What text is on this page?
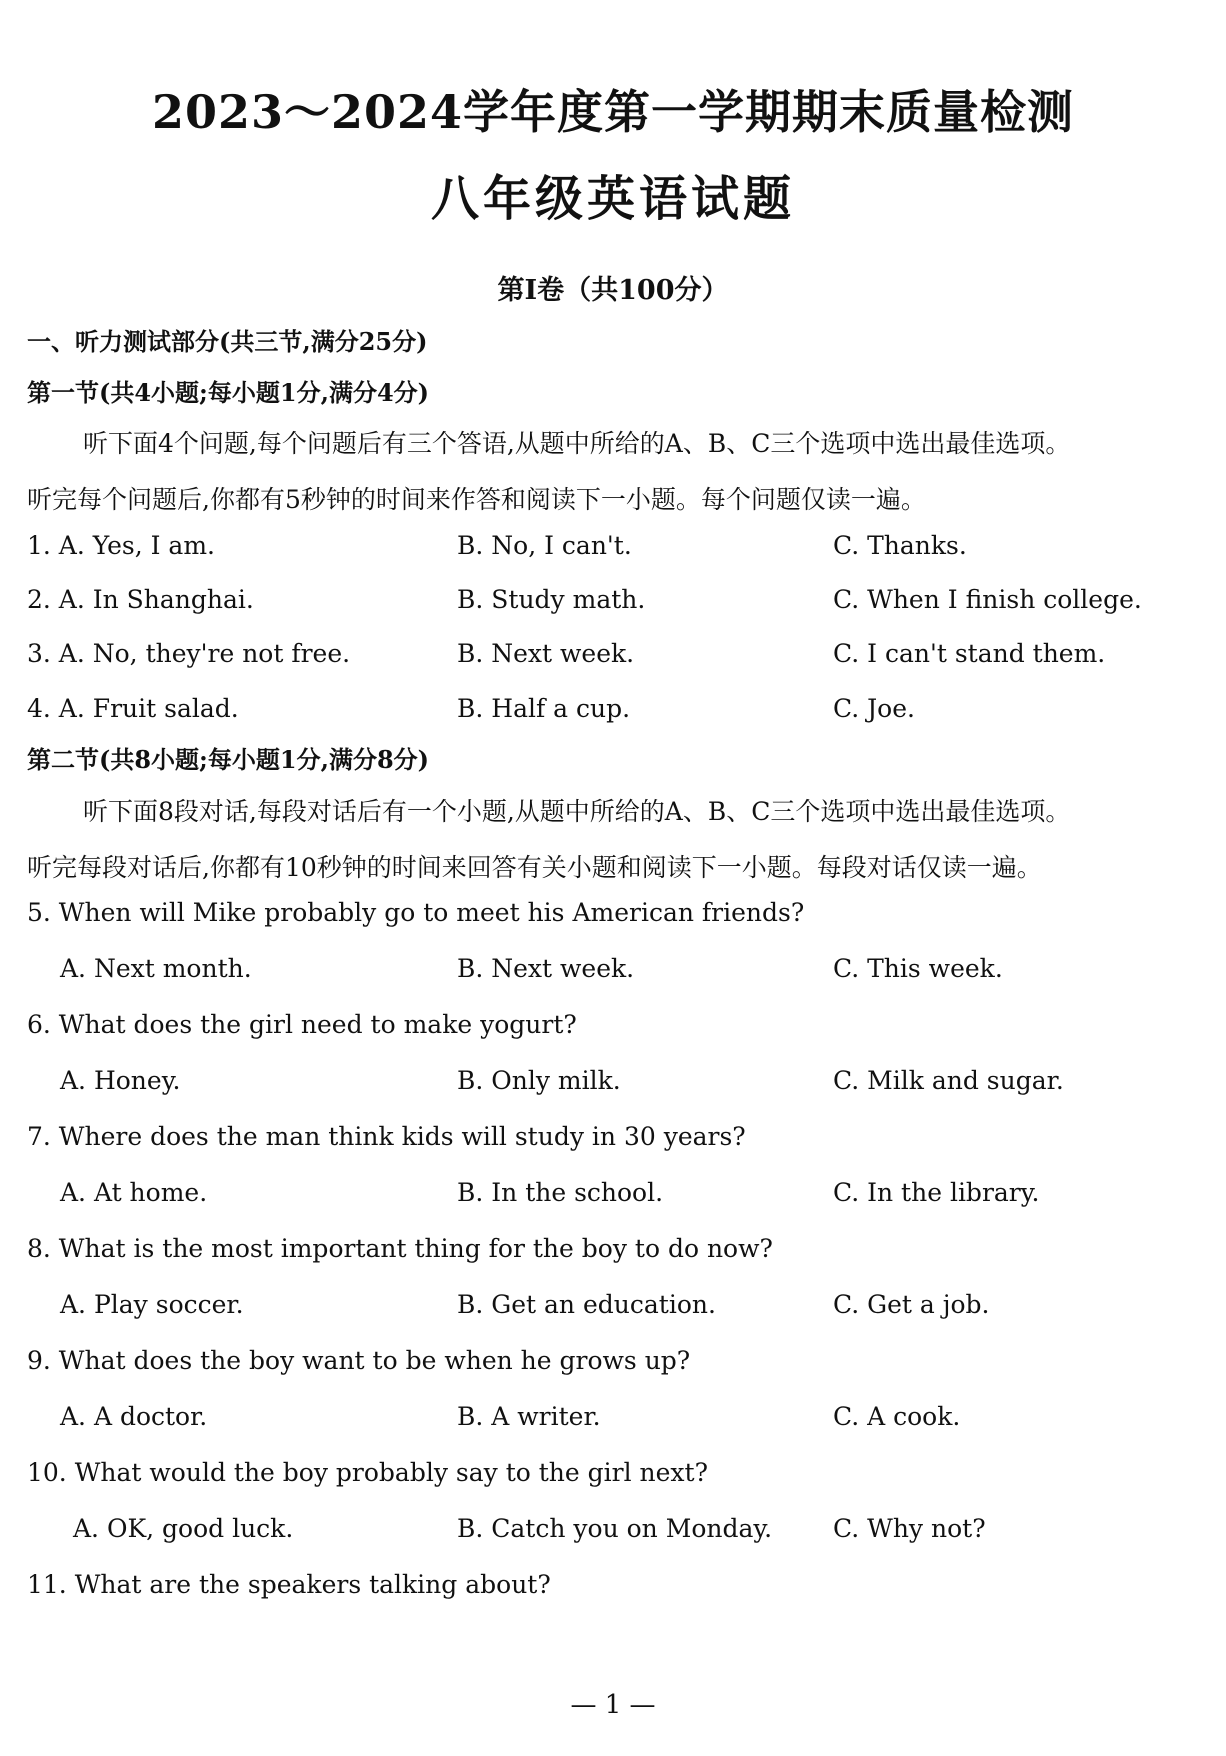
2023～2024学年度第一学期期末质量检测
八年级英语试题
第Ⅰ卷（共100分）
一、听力测试部分(共三节,满分25分)
第一节(共4小题;每小题1分,满分4分)
听下面4个问题,每个问题后有三个答语,从题中所给的A、B、C三个选项中选出最佳选项。
听完每个问题后,你都有5秒钟的时间来作答和阅读下一小题。每个问题仅读一遍。
1. A. Yes, I am.	B. No, I can't.	C. Thanks.
2. A. In Shanghai.	B. Study math.	C. When I finish college.
3. A. No, they're not free.	B. Next week.	C. I can't stand them.
4. A. Fruit salad.	B. Half a cup.	C. Joe.
第二节(共8小题;每小题1分,满分8分)
听下面8段对话,每段对话后有一个小题,从题中所给的A、B、C三个选项中选出最佳选项。
听完每段对话后,你都有10秒钟的时间来回答有关小题和阅读下一小题。每段对话仅读一遍。
5. When will Mike probably go to meet his American friends?
A. Next month.	B. Next week.	C. This week.
6. What does the girl need to make yogurt?
A. Honey.	B. Only milk.	C. Milk and sugar.
7. Where does the man think kids will study in 30 years?
A. At home.	B. In the school.	C. In the library.
8. What is the most important thing for the boy to do now?
A. Play soccer.	B. Get an education.	C. Get a job.
9. What does the boy want to be when he grows up?
A. A doctor.	B. A writer.	C. A cook.
10. What would the boy probably say to the girl next?
A. OK, good luck.	B. Catch you on Monday. C. Why not?
11. What are the speakers talking about?
— 1 —
